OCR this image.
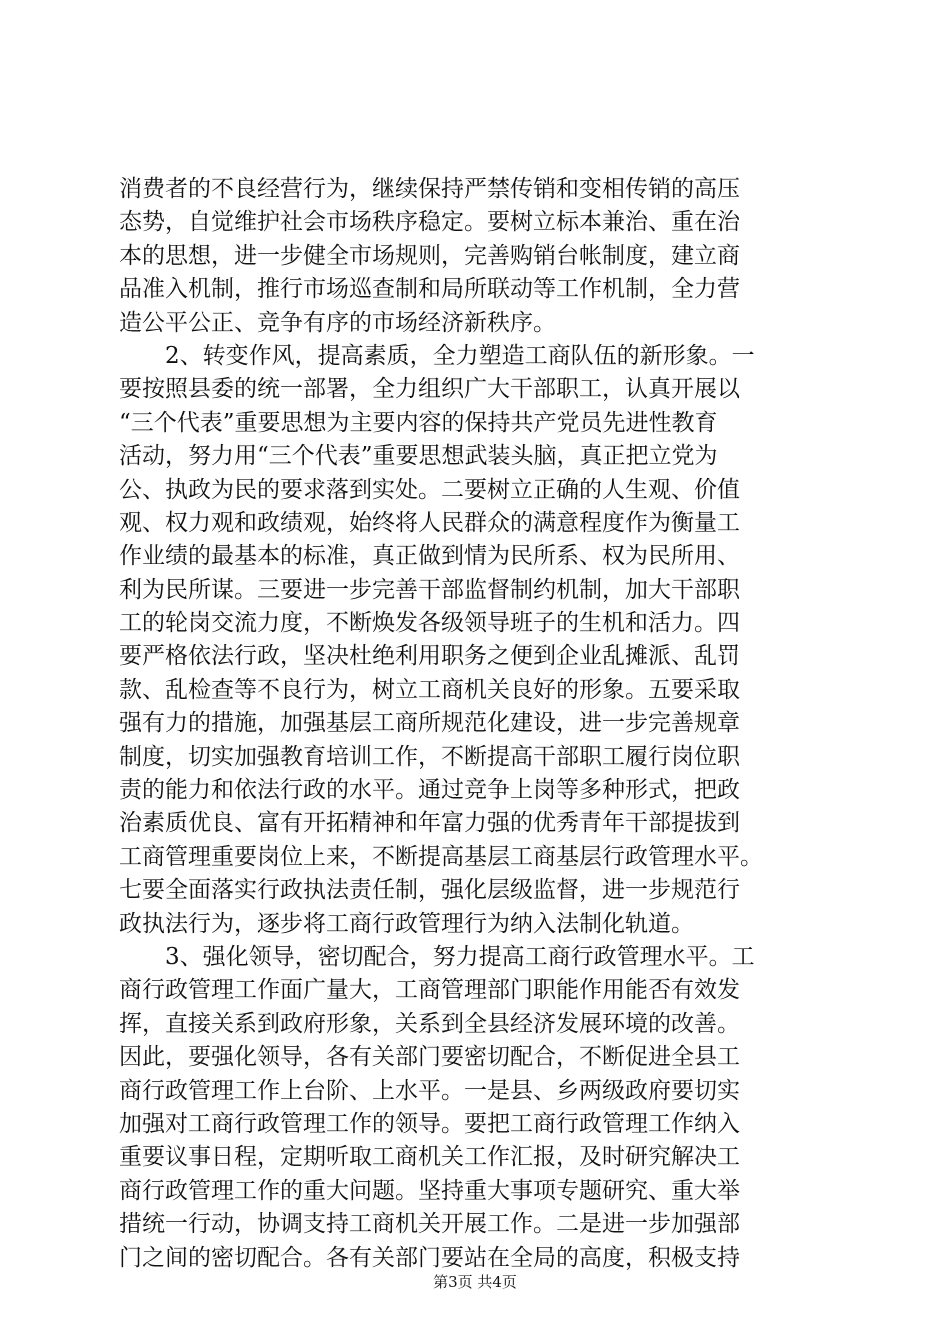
消费者的不良经营行为，继续保持严禁传销和变相传销的高压
态势，自觉维护社会市场秩序稳定。要树立标本兼治、重在治
本的思想，进一步健全市场规则，完善购销台帐制度，建立商
品准入机制，推行市场巡查制和局所联动等工作机制，全力营
造公平公正、竞争有序的市场经济新秩序。
　　2、转变作风，提高素质，全力塑造工商队伍的新形象。一
要按照县委的统一部署，全力组织广大干部职工，认真开展以
“三个代表”重要思想为主要内容的保持共产党员先进性教育
活动，努力用“三个代表”重要思想武装头脑，真正把立党为
公、执政为民的要求落到实处。二要树立正确的人生观、价值
观、权力观和政绩观，始终将人民群众的满意程度作为衡量工
作业绩的最基本的标准，真正做到情为民所系、权为民所用、
利为民所谋。三要进一步完善干部监督制约机制，加大干部职
工的轮岗交流力度，不断焕发各级领导班子的生机和活力。四
要严格依法行政，坚决杜绝利用职务之便到企业乱摊派、乱罚
款、乱检查等不良行为，树立工商机关良好的形象。五要采取
强有力的措施，加强基层工商所规范化建设，进一步完善规章
制度，切实加强教育培训工作，不断提高干部职工履行岗位职
责的能力和依法行政的水平。通过竞争上岗等多种形式，把政
治素质优良、富有开拓精神和年富力强的优秀青年干部提拔到
工商管理重要岗位上来，不断提高基层工商基层行政管理水平。
七要全面落实行政执法责任制，强化层级监督，进一步规范行
政执法行为，逐步将工商行政管理行为纳入法制化轨道。
　　3、强化领导，密切配合，努力提高工商行政管理水平。工
商行政管理工作面广量大，工商管理部门职能作用能否有效发
挥，直接关系到政府形象，关系到全县经济发展环境的改善。
因此，要强化领导，各有关部门要密切配合，不断促进全县工
商行政管理工作上台阶、上水平。一是县、乡两级政府要切实
加强对工商行政管理工作的领导。要把工商行政管理工作纳入
重要议事日程，定期听取工商机关工作汇报，及时研究解决工
商行政管理工作的重大问题。坚持重大事项专题研究、重大举
措统一行动，协调支持工商机关开展工作。二是进一步加强部
门之间的密切配合。各有关部门要站在全局的高度，积极支持
第3页 共4页
